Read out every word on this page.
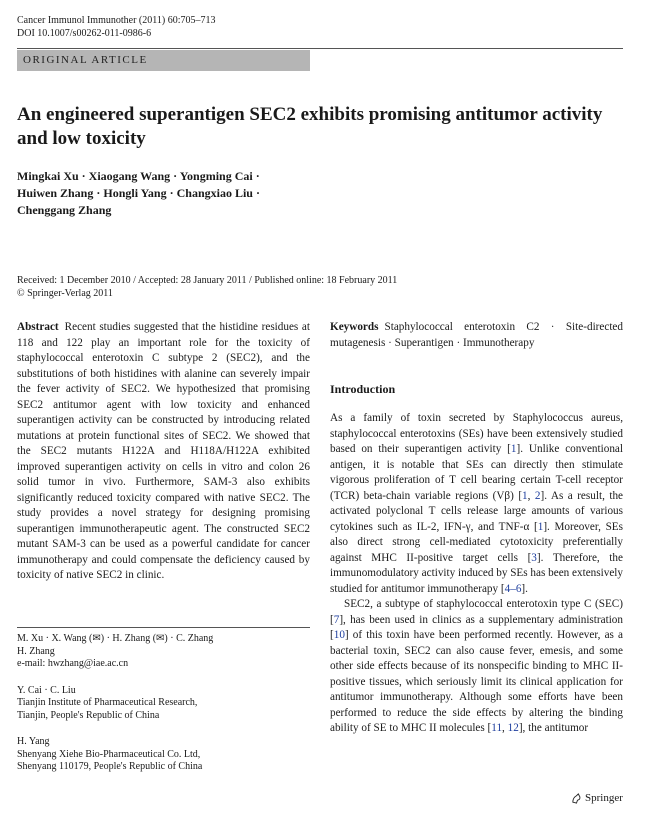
Cancer Immunol Immunother (2011) 60:705–713
DOI 10.1007/s00262-011-0986-6
ORIGINAL ARTICLE
An engineered superantigen SEC2 exhibits promising antitumor activity and low toxicity
Mingkai Xu · Xiaogang Wang · Yongming Cai ·
Huiwen Zhang · Hongli Yang · Changxiao Liu ·
Chenggang Zhang
Received: 1 December 2010 / Accepted: 28 January 2011 / Published online: 18 February 2011
© Springer-Verlag 2011

Abstract Recent studies suggested that the histidine residues at 118 and 122 play an important role for the toxicity of staphylococcal enterotoxin C subtype 2 (SEC2), and the substitutions of both histidines with alanine can severely impair the fever activity of SEC2. We hypothesized that promising SEC2 antitumor agent with low toxicity and enhanced superantigen activity can be constructed by introducing related mutations at protein functional sites of SEC2. We showed that the SEC2 mutants H122A and H118A/H122A exhibited improved superantigen activity on cells in vitro and colon 26 solid tumor in vivo. Furthermore, SAM-3 also exhibits significantly reduced toxicity compared with native SEC2. The study provides a novel strategy for designing promising superantigen immunotherapeutic agent. The constructed SEC2 mutant SAM-3 can be used as a powerful candidate for cancer immunotherapy and could compensate the deficiency caused by toxicity of native SEC2 in clinic.

M. Xu · X. Wang (✉) · H. Zhang (✉) · C. Zhang
H. Zhang
e-mail: hwzhang@iae.ac.cn
Y. Cai · C. Liu
Tianjin Institute of Pharmaceutical Research,
Tianjin, People's Republic of China
H. Yang
Shenyang Xiehe Bio-Pharmaceutical Co. Ltd,
Shenyang 110179, People's Republic of China

Keywords Staphylococcal enterotoxin C2 · Site-directed mutagenesis · Superantigen · Immunotherapy

Introduction

As a family of toxin secreted by Staphylococcus aureus, staphylococcal enterotoxins (SEs) have been extensively studied based on their superantigen activity [1]. Unlike conventional antigen, it is notable that SEs can directly then stimulate vigorous proliferation of T cell bearing certain T-cell receptor (TCR) beta-chain variable regions (Vβ) [1, 2]. As a result, the activated polyclonal T cells release large amounts of various cytokines such as IL-2, IFN-γ, and TNF-α [1]. Moreover, SEs also direct strong cell-mediated cytotoxicity preferentially against MHC II-positive target cells [3]. Therefore, the immunomodulatory activity induced by SEs has been extensively studied for antitumor immunotherapy [4–6].

SEC2, a subtype of staphylococcal enterotoxin type C (SEC) [7], has been used in clinics as a supplementary administration [10] of this toxin have been performed recently. However, as a bacterial toxin, SEC2 can also cause fever, emesis, and some other side effects because of its nonspecific binding to MHC II-positive tissues, which seriously limit its clinical application for antitumor immunotherapy. Although some efforts have been performed to reduce the side effects by altering the binding ability of SE to MHC II molecules [11, 12], the antitumor

Springer
